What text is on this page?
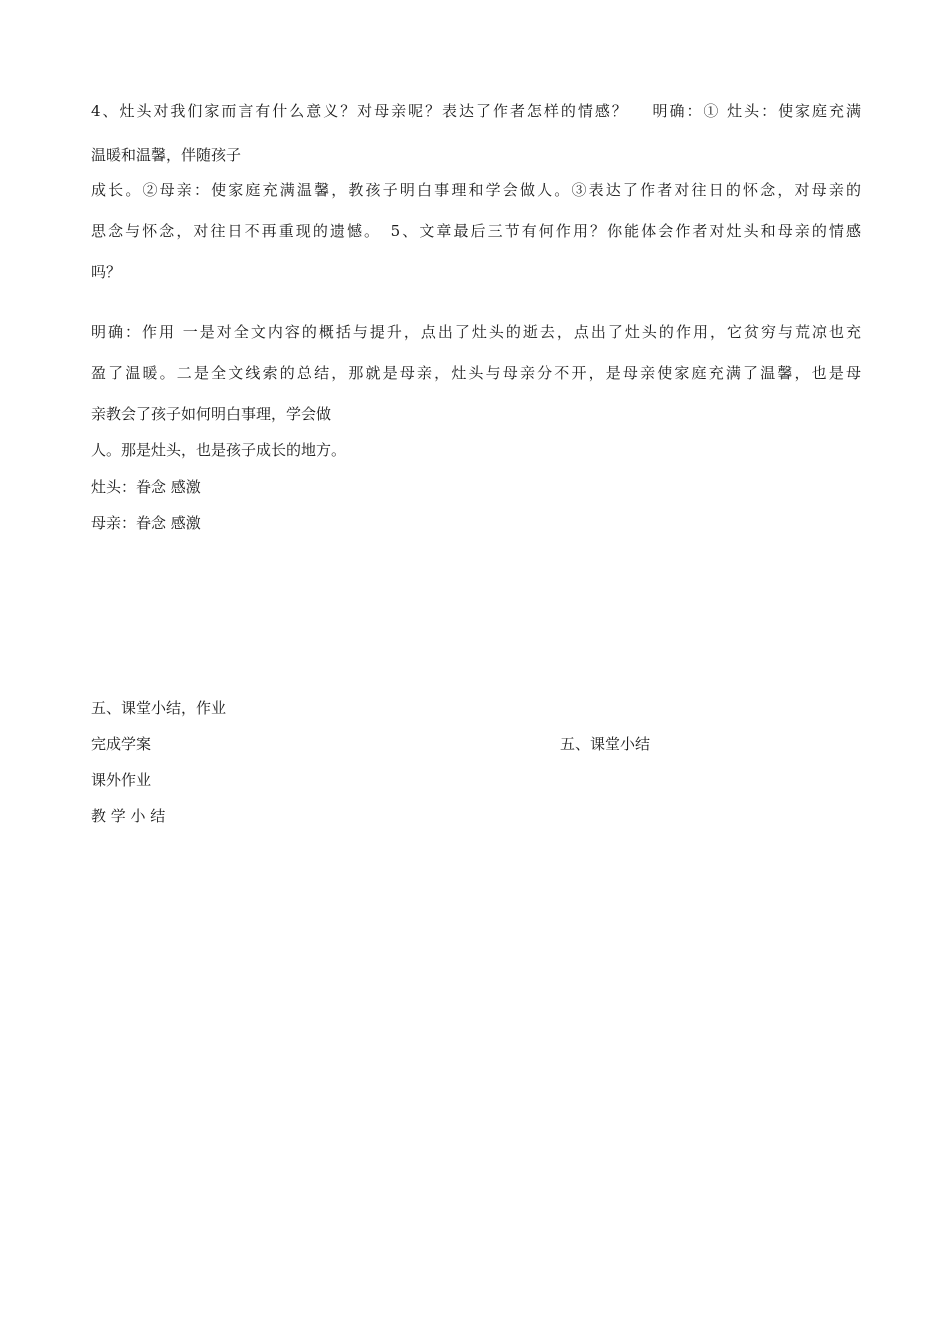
4、灶头对我们家而言有什么意义？对母亲呢？表达了作者怎样的情感？　 明确：① 灶头：使家庭充满
温暖和温馨，伴随孩子
成长。②母亲：使家庭充满温馨，教孩子明白事理和学会做人。③表达了作者对往日的怀念，对母亲的
思念与怀念，对往日不再重现的遗憾。　5、文章最后三节有何作用？你能体会作者对灶头和母亲的情感
吗？
明确：作用 一是对全文内容的概括与提升，点出了灶头的逝去，点出了灶头的作用，它贫穷与荒凉也充
盈了温暖。二是全文线索的总结，那就是母亲，灶头与母亲分不开，是母亲使家庭充满了温馨，也是母
亲教会了孩子如何明白事理，学会做
人。那是灶头，也是孩子成长的地方。
灶头：眷念 感激
母亲：眷念 感激
五、课堂小结，作业
完成学案	五、课堂小结
课外作业
教 学 小 结
